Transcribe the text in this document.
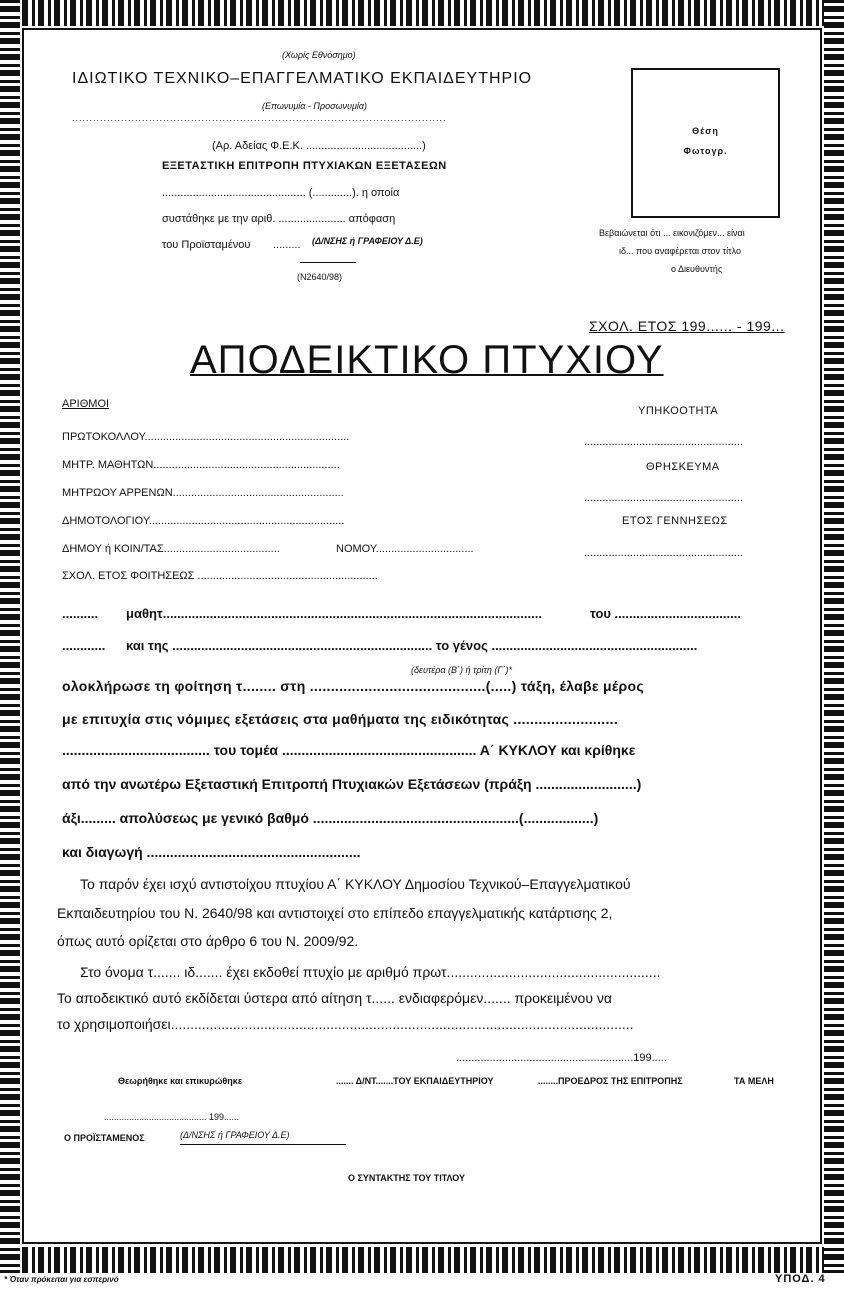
(Χωρίς Εθνόσημο)
ΙΔΙΩΤΙΚΟ ΤΕΧΝΙΚΟ–ΕΠΑΓΓΕΛΜΑΤΙΚΟ ΕΚΠΑΙΔΕΥΤΗΡΙΟ
(Επωνυμία - Προσωνυμία)
...........................................................................................................
(Αρ. Αδείας Φ.Ε.Κ. ......................................)
ΕΞΕΤΑΣΤΙΚΗ ΕΠΙΤΡΟΠΗ ΠΤΥΧΙΑΚΩΝ ΕΞΕΤΑΣΕΩΝ
............................................... (.............). η οποία
συστάθηκε με την αριθ. ...................... απόφαση
του Προϊσταμένου ......... (Δ/ΝΣΗΣ ή ΓΡΑΦΕΙΟΥ Δ.Ε)
(Ν2640/98)
Θέση
Φωτογρ.
Βεβαιώνεται ότι ... εικονιζόμεν... είναι
ιδ... που αναφέρεται στον τίτλο
ο Διευθυντής
ΣΧΟΛ. ΕΤΟΣ 199...... - 199...
ΑΠΟΔΕΙΚΤΙΚΟ ΠΤΥΧΙΟΥ
ΑΡΙΘΜΟΙ
ΠΡΩΤΟΚΟΛΛΟΥ...................................................................
ΜΗΤΡ. ΜΑΘΗΤΩΝ.............................................................
ΜΗΤΡΩΟΥ ΑΡΡΕΝΩΝ........................................................
ΔΗΜΟΤΟΛΟΓΙΟΥ................................................................
ΔΗΜΟΥ ή ΚΟΙΝ/ΤΑΣ......................................	ΝΟΜΟΥ................................
ΣΧΟΛ. ΕΤΟΣ ΦΟΙΤΗΣΕΩΣ ...........................................................
ΥΠΗΚΟΟΤΗΤΑ
....................................................
ΘΡΗΣΚΕΥΜΑ
....................................................
ΕΤΟΣ ΓΕΝΝΗΣΕΩΣ
....................................................
.......... μαθητ.........................................................................................................	του ...................................
............ και της ........................................................................ το γένος .........................................................
(δευτέρα (Β΄) ή τρίτη (Γ΄)*
ολοκλήρωσε τη φοίτηση τ........ στη ..........................................(.....) τάξη, έλαβε μέρος
με επιτυχία στις νόμιμες εξετάσεις στα μαθήματα της ειδικότητας .........................
...................................... του τομέα .................................................. Α΄ ΚΥΚΛΟΥ και κρίθηκε
από την ανωτέρω Εξεταστική Επιτροπή Πτυχιακών Εξετάσεων (πράξη ..........................)
άξι......... απολύσεως με γενικό βαθμό .....................................................(..................)
και διαγωγή .......................................................
Το παρόν έχει ισχύ αντιστοίχου πτυχίου Α΄ ΚΥΚΛΟΥ Δημοσίου Τεχνικού–Επαγγελματικού
Εκπαιδευτηρίου του Ν. 2640/98 και αντιστοιχεί στο επίπεδο επαγγελματικής κατάρτισης 2,
όπως αυτό ορίζεται στο άρθρο 6 του Ν. 2009/92.
Στο όνομα τ....... ιδ....... έχει εκδοθεί πτυχίο με αριθμό πρωτ.......................................................
Το αποδεικτικό αυτό εκδίδεται ύστερα από αίτηση τ...... ενδιαφερόμεν....... προκειμένου να
το χρησιμοποιήσει.......................................................................................................................
..........................................................199.....
Θεωρήθηκε και επικυρώθηκε	....... Δ/ΝΤ.......ΤΟΥ ΕΚΠΑΙΔΕΥΤΗΡΙΟΥ	........ΠΡΟΕΔΡΟΣ ΤΗΣ ΕΠΙΤΡΟΠΗΣ	ΤΑ ΜΕΛΗ
......................................... 199......
Ο ΠΡΟΪΣΤΑΜΕΝΟΣ	(Δ/ΝΣΗΣ ή ΓΡΑΦΕΙΟΥ Δ.Ε)
Ο ΣΥΝΤΑΚΤΗΣ ΤΟΥ ΤΙΤΛΟΥ
* Όταν πρόκειται για εσπερινό	ΥΠΟΔ. 4
